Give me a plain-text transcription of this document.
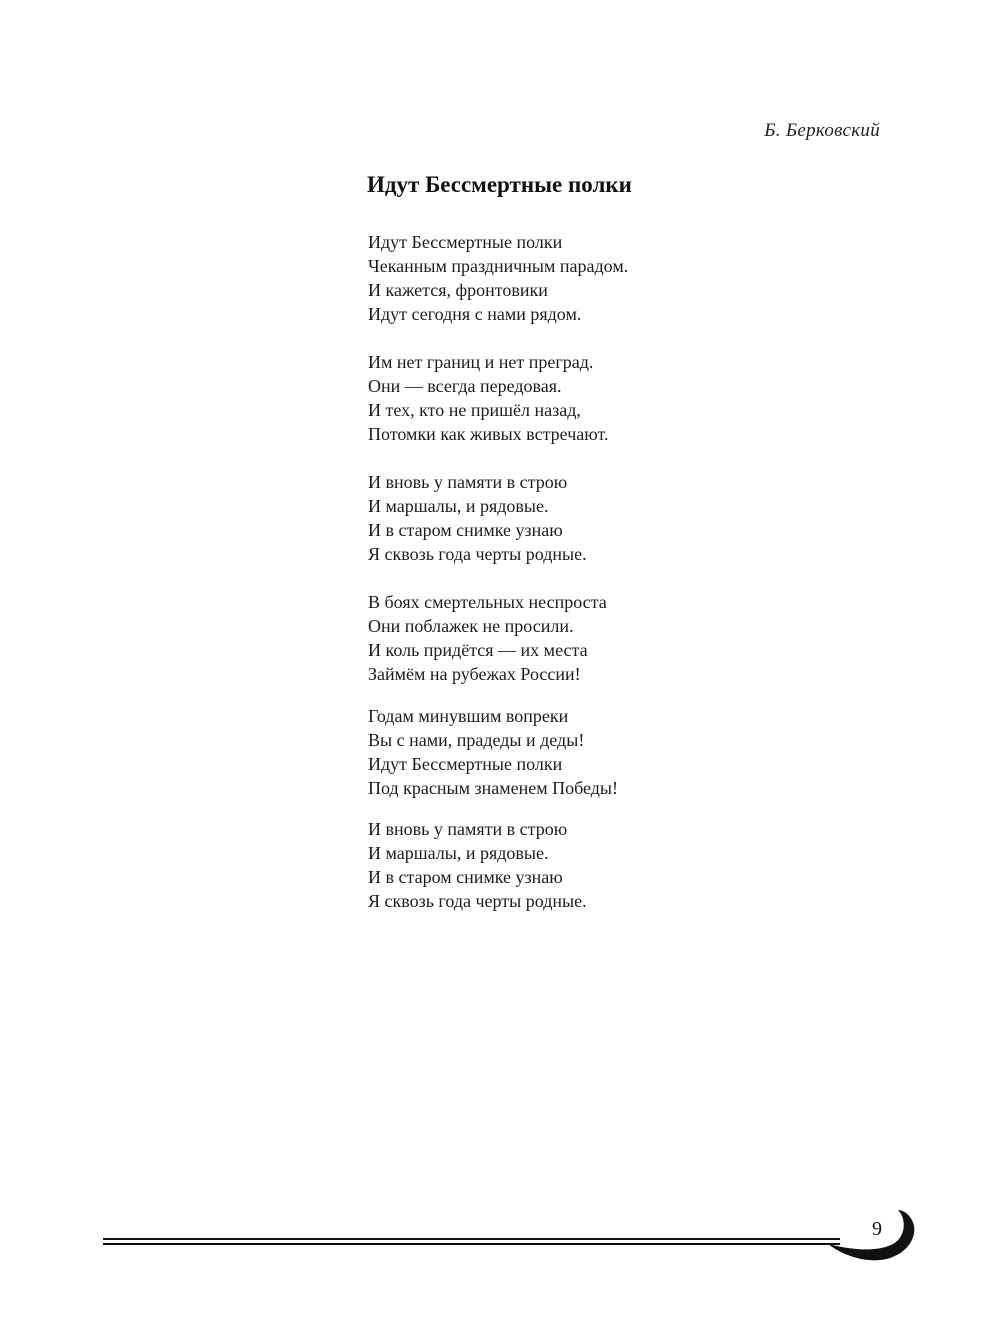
Б. Берковский
Идут Бессмертные полки
Идут Бессмертные полки
Чеканным праздничным парадом.
И кажется, фронтовики
Идут сегодня с нами рядом.
Им нет границ и нет преград.
Они — всегда передовая.
И тех, кто не пришёл назад,
Потомки как живых встречают.
И вновь у памяти в строю
И маршалы, и рядовые.
И в старом снимке узнаю
Я сквозь года черты родные.
В боях смертельных неспроста
Они поблажек не просили.
И коль придётся — их места
Займём на рубежах России!
Годам минувшим вопреки
Вы с нами, прадеды и деды!
Идут Бессмертные полки
Под красным знаменем Победы!
И вновь у памяти в строю
И маршалы, и рядовые.
И в старом снимке узнаю
Я сквозь года черты родные.
9
